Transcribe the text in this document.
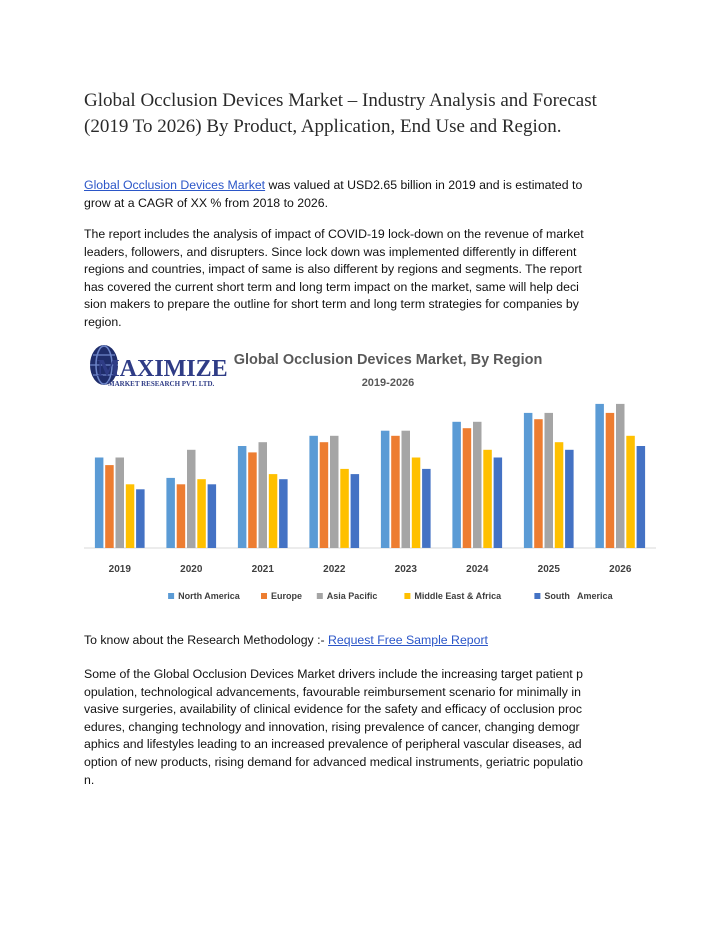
Global Occlusion Devices Market – Industry Analysis and Forecast
(2019 To 2026) By Product, Application, End Use and Region.
Global Occlusion Devices Market was valued at USD2.65 billion in 2019 and is estimated to
grow at a CAGR of XX % from 2018 to 2026.
The report includes the analysis of impact of COVID-19 lock-down on the revenue of market
leaders, followers, and disrupters. Since lock down was implemented differently in different
regions and countries, impact of same is also different by regions and segments. The report
has covered the current short term and long term impact on the market, same will help deci
sion makers to prepare the outline for short term and long term strategies for companies by
region.
MAXIMIZE
MARKET RESEARCH PVT. LTD.
Global Occlusion Devices Market, By Region
2019-2026
2019	2020	2021	2022	2023	2024	2025	2026
North America	Europe	Asia Pacific	Middle East & Africa	South   America
To know about the Research Methodology :- Request Free Sample Report
Some of the Global Occlusion Devices Market drivers include the increasing target patient p
opulation, technological advancements, favourable reimbursement scenario for minimally in
vasive surgeries, availability of clinical evidence for the safety and efficacy of occlusion proc
edures, changing technology and innovation, rising prevalence of cancer, changing demogr
aphics and lifestyles leading to an increased prevalence of peripheral vascular diseases, ad
option of new products, rising demand for advanced medical instruments, geriatric populatio
n.
